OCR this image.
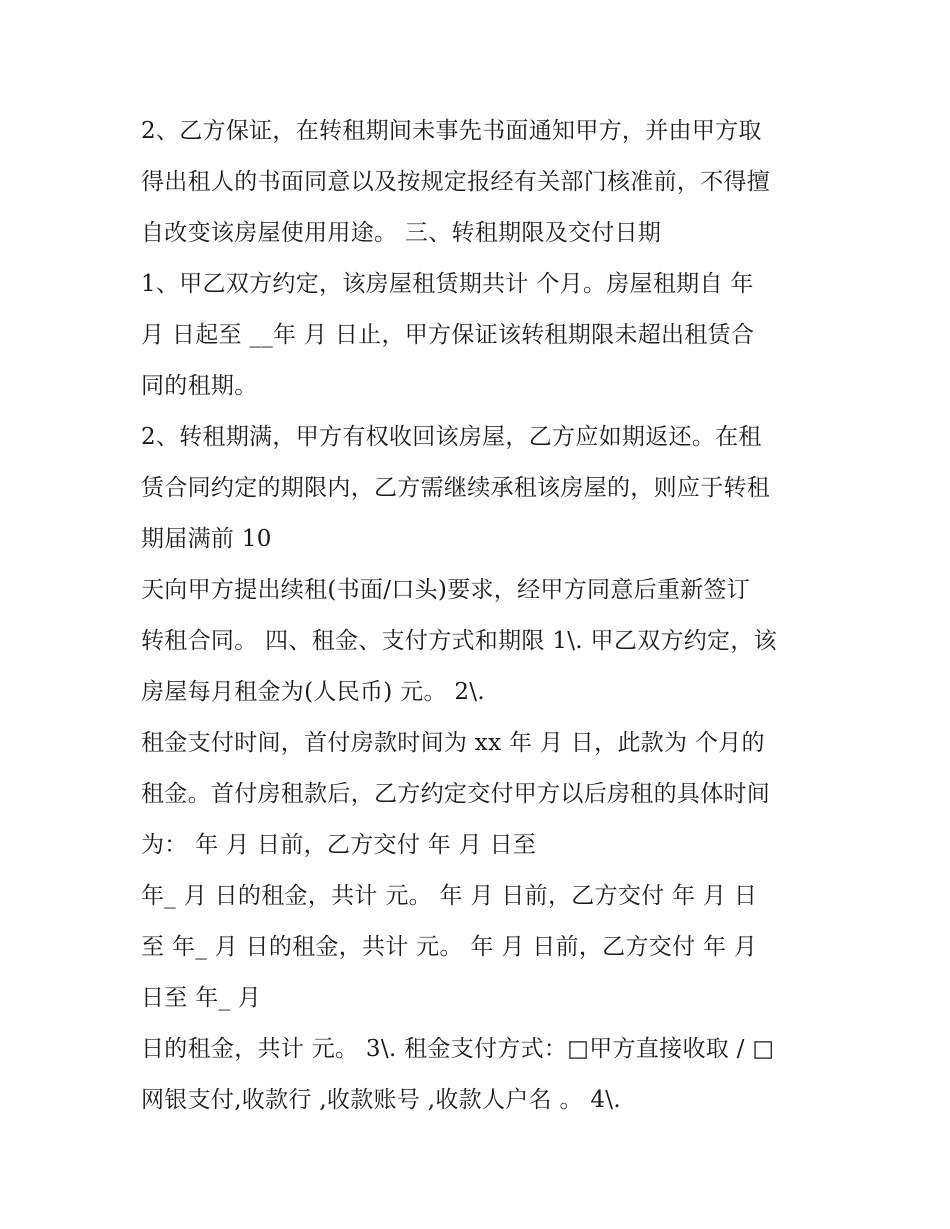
2、乙方保证，在转租期间未事先书面通知甲方，并由甲方取
得出租人的书面同意以及按规定报经有关部门核准前，不得擅
自改变该房屋使用用途。 三、转租期限及交付日期
1、甲乙双方约定，该房屋租赁期共计 个月。房屋租期自 年
月 日起至 __年 月 日止，甲方保证该转租期限未超出租赁合
同的租期。
2、转租期满，甲方有权收回该房屋，乙方应如期返还。在租
赁合同约定的期限内，乙方需继续承租该房屋的，则应于转租
期届满前 10
天向甲方提出续租(书面/口头)要求，经甲方同意后重新签订
转租合同。 四、租金、支付方式和期限 1\. 甲乙双方约定，该
房屋每月租金为(人民币) 元。 2\.
租金支付时间，首付房款时间为 xx 年 月 日，此款为 个月的
租金。首付房租款后，乙方约定交付甲方以后房租的具体时间
为： 年 月 日前，乙方交付 年 月 日至
年_ 月 日的租金，共计 元。 年 月 日前，乙方交付 年 月 日
至 年_ 月 日的租金，共计 元。 年 月 日前，乙方交付 年 月
日至 年_ 月
日的租金，共计 元。 3\. 租金支付方式：□甲方直接收取 / □
网银支付,收款行 ,收款账号 ,收款人户名 。 4\.
